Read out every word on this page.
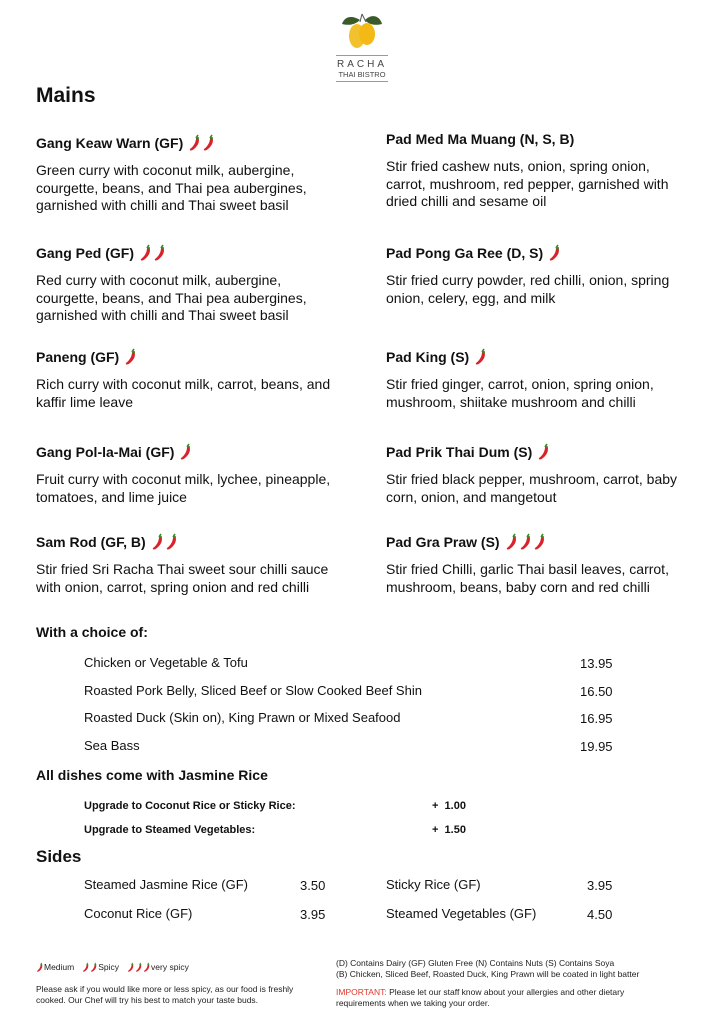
RACHA
THAI BISTRO
Mains
Gang Keaw Warn (GF)
Green curry with coconut milk, aubergine, courgette, beans, and Thai pea aubergines, garnished with chilli and Thai sweet basil
Gang Ped (GF)
Red curry with coconut milk, aubergine, courgette, beans, and Thai pea aubergines, garnished with chilli and Thai sweet basil
Paneng (GF)
Rich curry with coconut milk, carrot, beans, and kaffir lime leave
Gang Pol-la-Mai (GF)
Fruit curry with coconut milk, lychee, pineapple, tomatoes, and lime juice
Sam Rod (GF, B)
Stir fried Sri Racha Thai sweet sour chilli sauce with onion, carrot, spring onion and red chilli
Pad Med Ma Muang (N, S, B)
Stir fried cashew nuts, onion, spring onion, carrot, mushroom, red pepper, garnished with dried chilli and sesame oil
Pad Pong Ga Ree (D, S)
Stir fried curry powder, red chilli, onion, spring onion, celery, egg, and milk
Pad King (S)
Stir fried ginger, carrot, onion, spring onion, mushroom, shiitake mushroom and chilli
Pad Prik Thai Dum (S)
Stir fried black pepper, mushroom, carrot, baby corn, onion, and mangetout
Pad Gra Praw (S)
Stir fried Chilli, garlic Thai basil leaves, carrot, mushroom, beans, baby corn and red chilli
With a choice of:
Chicken or Vegetable & Tofu	13.95
Roasted Pork Belly, Sliced Beef or Slow Cooked Beef Shin	16.50
Roasted Duck (Skin on), King Prawn or Mixed Seafood	16.95
Sea Bass	19.95
All dishes come with Jasmine Rice
Upgrade to Coconut Rice or Sticky Rice:	+  1.00
Upgrade to Steamed Vegetables:	+  1.50
Sides
Steamed Jasmine Rice (GF)	3.50	Sticky Rice (GF)	3.95
Coconut Rice (GF)	3.95	Steamed Vegetables (GF)	4.50
Medium	Spicy	very spicy
Please ask if you would like more or less spicy, as our food is freshly cooked. Our Chef will try his best to match your taste buds.
(D) Contains Dairy (GF) Gluten Free (N) Contains Nuts (S) Contains Soya
(B) Chicken, Sliced Beef, Roasted Duck, King Prawn will be coated in light batter
IMPORTANT: Please let our staff know about your allergies and other dietary requirements when we taking your order.
